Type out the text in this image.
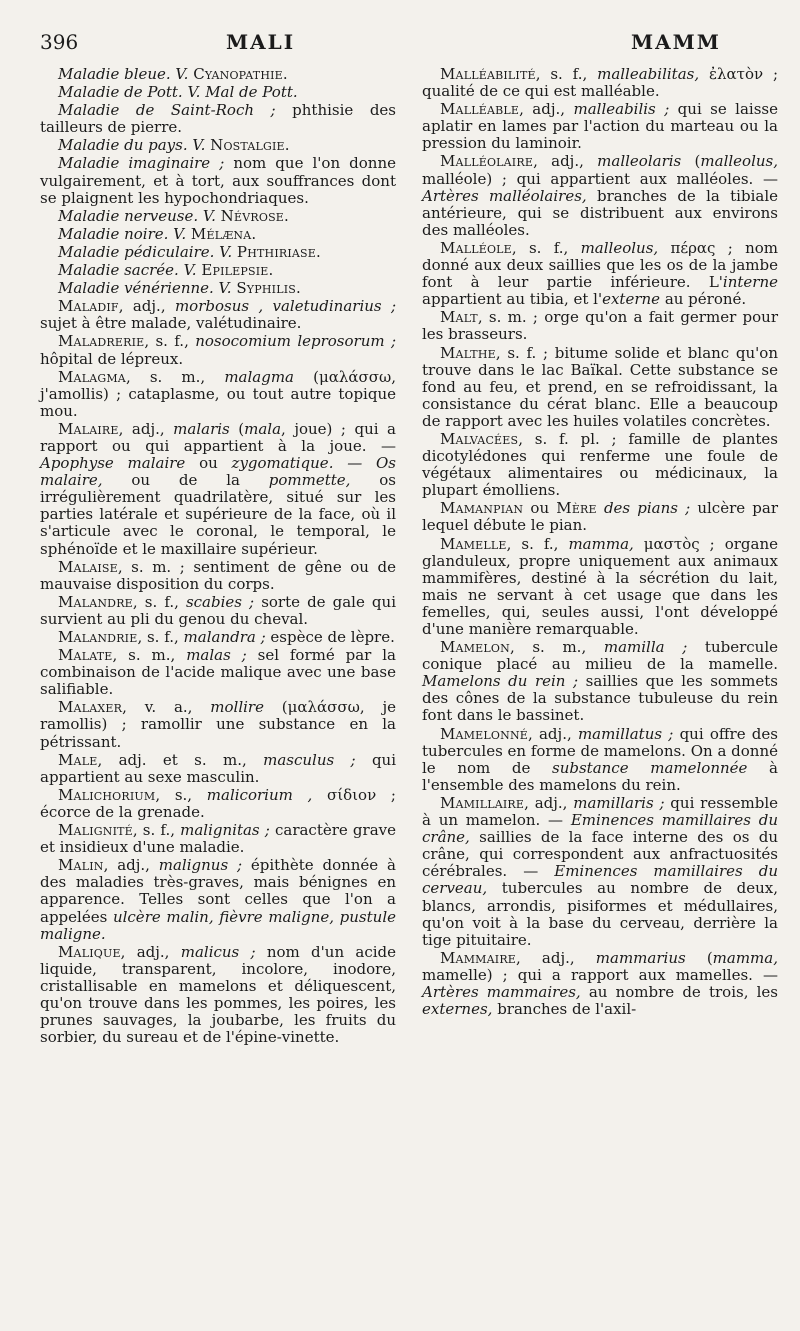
396	MALI	MAMM

Maladie bleue. V. Cyanopathie.

Maladie de Pott. V. Mal de Pott.

Maladie de Saint-Roch ; phthisie des tailleurs de pierre.

Maladie du pays. V. Nostalgie.

Maladie imaginaire ; nom que l'on donne vulgairement, et à tort, aux souffrances dont se plaignent les hypochondriaques.

Maladie nerveuse. V. Névrose.

Maladie noire. V. Mélæna.

Maladie pédiculaire. V. Phthiriase.

Maladie sacrée. V. Epilepsie.

Maladie vénérienne. V. Syphilis.

Maladif, adj., morbosus , valetudinarius ; sujet à être malade, valétudinaire.

Maladrerie, s. f., nosocomium leprosorum ; hôpital de lépreux.

Malagma, s. m., malagma (μαλάσσω, j'amollis) ; cataplasme, ou tout autre topique mou.

Malaire, adj., malaris (mala, joue) ; qui a rapport ou qui appartient à la joue. —Apophyse malaire ou zygomatique. — Os malaire, ou de la pommette, os irrégulièrement quadrilatère, situé sur les parties latérale et supérieure de la face, où il s'articule avec le coronal, le temporal, le sphénoïde et le maxillaire supérieur.

Malaise, s. m. ; sentiment de gêne ou de mauvaise disposition du corps.

Malandre, s. f., scabies ; sorte de gale qui survient au pli du genou du cheval.

Malandrie, s. f., malandra ; espèce de lèpre.

Malate, s. m., malas ; sel formé par la combinaison de l'acide malique avec une base salifiable.

Malaxer, v. a., mollire (μαλάσσω, je ramollis) ; ramollir une substance en la pétrissant.

Male, adj. et s. m., masculus ; qui appartient au sexe masculin.

Malichorium, s., malicorium , σίδιον ; écorce de la grenade.

Malignité, s. f., malignitas ; caractère grave et insidieux d'une maladie.

Malin, adj., malignus ; épithète donnée à des maladies très-graves, mais bénignes en apparence. Telles sont celles que l'on a appelées ulcère malin, fièvre maligne, pustule maligne.

Malique, adj., malicus ; nom d'un acide liquide, transparent, incolore, inodore, cristallisable en mamelons et déliquescent, qu'on trouve dans les pommes, les poires, les prunes sauvages, la joubarbe, les fruits du sorbier, du sureau et de l'épine-vinette.

Malléabilité, s. f., malleabilitas, ἐλατὸν ; qualité de ce qui est malléable.

Malléable, adj., malleabilis ; qui se laisse aplatir en lames par l'action du marteau ou la pression du laminoir.

Malléolaire, adj., malleolaris (malleolus, malléole) ; qui appartient aux malléoles. — Artères malléolaires, branches de la tibiale antérieure, qui se distribuent aux environs des malléoles.

Malléole, s. f., malleolus, πέρας ; nom donné aux deux saillies que les os de la jambe font à leur partie inférieure. L'interne appartient au tibia, et l'externe au péroné.

Malt, s. m. ; orge qu'on a fait germer pour les brasseurs.

Malthe, s. f. ; bitume solide et blanc qu'on trouve dans le lac Baïkal. Cette substance se fond au feu, et prend, en se refroidissant, la consistance du cérat blanc. Elle a beaucoup de rapport avec les huiles volatiles concrètes.

Malvacées, s. f. pl. ; famille de plantes dicotylédones qui renferme une foule de végétaux alimentaires ou médicinaux, la plupart émolliens.

Mamanpian ou Mère des pians ; ulcère par lequel débute le pian.

Mamelle, s. f., mamma, μαστὸς ; organe glanduleux, propre uniquement aux animaux mammifères, destiné à la sécrétion du lait, mais ne servant à cet usage que dans les femelles, qui, seules aussi, l'ont développé d'une manière remarquable.

Mamelon, s. m., mamilla ; tubercule conique placé au milieu de la mamelle. Mamelons du rein ; saillies que les sommets des cônes de la substance tubuleuse du rein font dans le bassinet.

Mamelonné, adj., mamillatus ; qui offre des tubercules en forme de mamelons. On a donné le nom de substance mamelonnée à l'ensemble des mamelons du rein.

Mamillaire, adj., mamillaris ; qui ressemble à un mamelon. — Eminences mamillaires du crâne, saillies de la face interne des os du crâne, qui correspondent aux anfractuosités cérébrales. — Eminences mamillaires du cerveau, tubercules au nombre de deux, blancs, arrondis, pisiformes et médullaires, qu'on voit à la base du cerveau, derrière la tige pituitaire.

Mammaire, adj., mammarius (mamma, mamelle) ; qui a rapport aux mamelles. — Artères mammaires, au nombre de trois, les externes, branches de l'axil-
